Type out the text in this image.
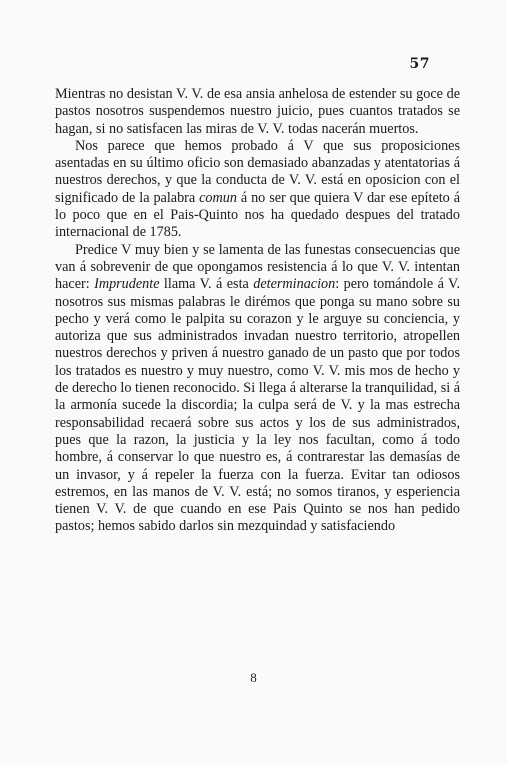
57

Mientras no desistan V. V. de esa ansia anhelosa de estender su goce de pastos nosotros suspendemos nuestro juicio, pues cuantos tratados se hagan, si no satisfacen las miras de V. V. todas nacerán muertos.

Nos parece que hemos probado á V que sus proposiciones asentadas en su último oficio son demasiado abanzadas y atentatorias á nuestros derechos, y que la conducta de V. V. está en oposicion con el significado de la palabra comun á no ser que quiera V dar ese epíteto á lo poco que en el Pais-Quinto nos ha quedado despues del tratado internacional de 1785.

Predice V muy bien y se lamenta de las funestas consecuencias que van á sobrevenir de que opongamos resistencia á lo que V. V. intentan hacer: Imprudente llama V. á esta determinacion: pero tomándole á V. nosotros sus mismas palabras le dirémos que ponga su mano sobre su pecho y verá como le palpita su corazon y le arguye su conciencia, y autoriza que sus administrados invadan nuestro territorio, atropellen nuestros derechos y priven á nuestro ganado de un pasto que por todos los tratados es nuestro y muy nuestro, como V. V. mis mos de hecho y de derecho lo tienen reconocido. Si llega á alterarse la tranquilidad, si á la armonía sucede la discordia; la culpa será de V. y la mas estrecha responsabilidad recaerá sobre sus actos y los de sus administrados, pues que la razon, la justicia y la ley nos facultan, como á todo hombre, á conservar lo que nuestro es, á contrarestar las demasías de un invasor, y á repeler la fuerza con la fuerza. Evitar tan odiosos estremos, en las manos de V. V. está; no somos tiranos, y esperiencia tienen V. V. de que cuando en ese Pais Quinto se nos han pedido pastos; hemos sabido darlos sin mezquindad y satisfaciendo

8
